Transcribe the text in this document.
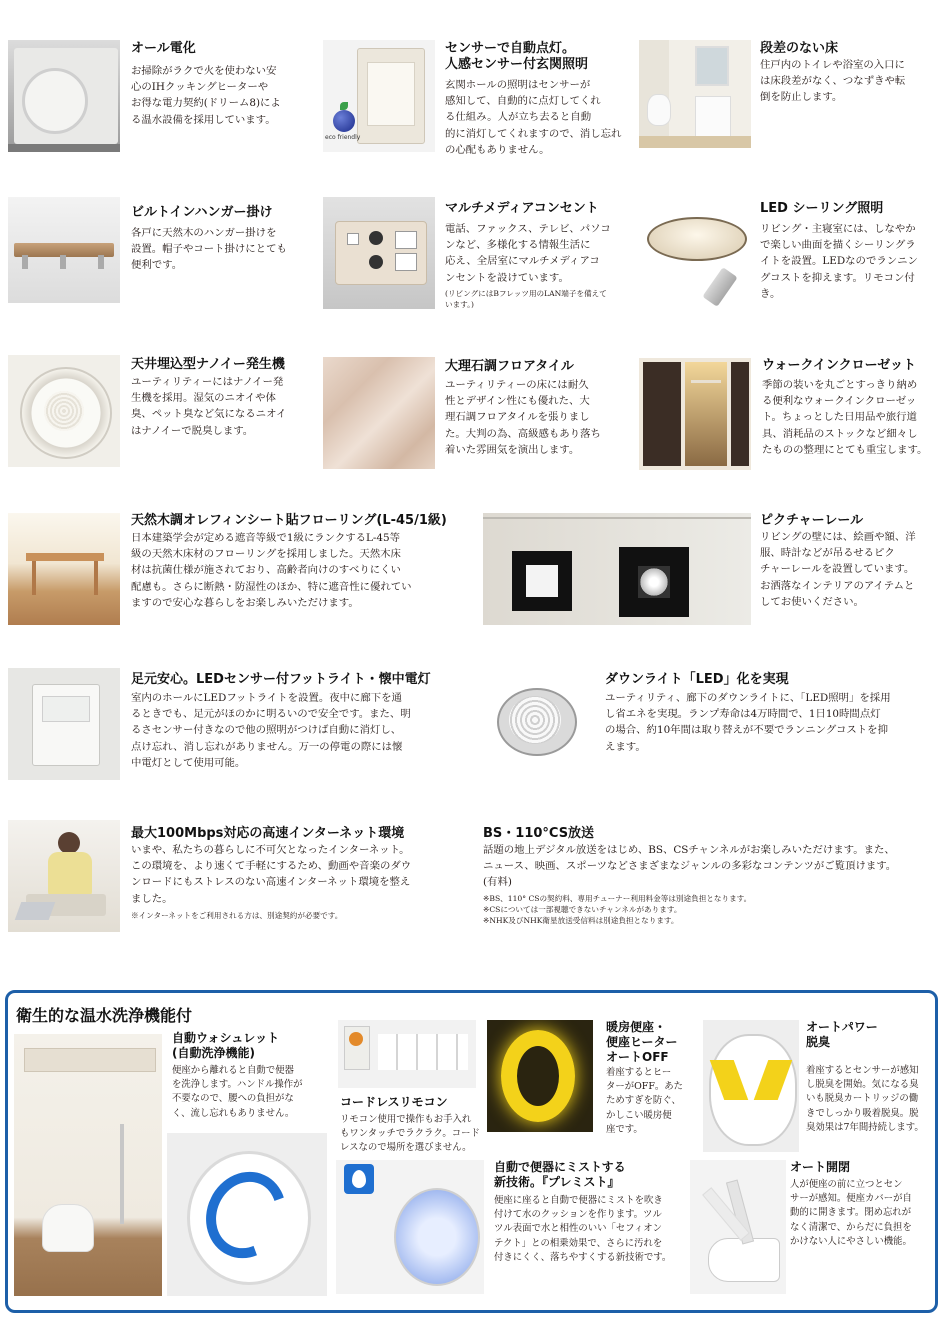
オール電化
お掃除がラクで火を使わない安
心のIHクッキングヒーターや
お得な電力契約(ドリーム8)によ
る温水設備を採用しています。
eco friendly
センサーで自動点灯。
人感センサー付玄関照明
玄関ホールの照明はセンサーが
感知して、自動的に点灯してくれ
る仕組み。人が立ち去ると自動
的に消灯してくれますので、消し忘れ
の心配もありません。
段差のない床
住戸内のトイレや浴室の入口に
は床段差がなく、つなずきや転
倒を防止します。
ビルトインハンガー掛け
各戸に天然木のハンガー掛けを
設置。帽子やコート掛けにとても
便利です。
マルチメディアコンセント
電話、ファックス、テレビ、パソコ
ンなど、多様化する情報生活に
応え、全居室にマルチメディアコ
ンセントを設けています。
(リビングにはBフレッツ用のLAN端子を備えて
います。)
LED シーリング照明
リビング・主寝室には、しなやか
で楽しい曲面を描くシーリングラ
イトを設置。LEDなのでランニン
グコストを抑えます。リモコン付
き。
天井埋込型ナノイー発生機
ユーティリティーにはナノイー発
生機を採用。湿気のニオイや体
臭、ペット臭など気になるニオイ
はナノイーで脱臭します。
大理石調フロアタイル
ユーティリティーの床には耐久
性とデザイン性にも優れた、大
理石調フロアタイルを張りまし
た。大判の為、高級感もあり落ち
着いた雰囲気を演出します。
ウォークインクローゼット
季節の装いを丸ごとすっきり納め
る便利なウォークインクローゼッ
ト。ちょっとした日用品や旅行道
具、消耗品のストックなど細々し
たものの整理にとても重宝します。
天然木調オレフィンシート貼フローリング(L-45/1級)
日本建築学会が定める遮音等級で1級にランクするL-45等
級の天然木床材のフローリングを採用しました。天然木床
材は抗菌仕様が施されており、高齢者向けのすべりにくい
配慮も。さらに断熱・防湿性のほか、特に遮音性に優れてい
ますので安心な暮らしをお楽しみいただけます。
ピクチャーレール
リビングの壁には、絵画や額、洋
服、時計などが吊るせるピク
チャーレールを設置しています。
お洒落なインテリアのアイテムと
してお使いください。
足元安心。LEDセンサー付フットライト・懐中電灯
室内のホールにLEDフットライトを設置。夜中に廊下を通
るときでも、足元がほのかに明るいので安全です。また、明
るさセンサー付きなので他の照明がつけば自動に消灯し、
点け忘れ、消し忘れがありません。万一の停電の際には懐
中電灯として使用可能。
ダウンライト「LED」化を実現
ユーティリティ、廊下のダウンライトに、「LED照明」を採用
し省エネを実現。ランプ寿命は4万時間で、1日10時間点灯
の場合、約10年間は取り替えが不要でランニングコストを抑
えます。
最大100Mbps対応の高速インターネット環境
いまや、私たちの暮らしに不可欠となったインターネット。
この環境を、より速くて手軽にするため、動画や音楽のダウ
ンロードにもストレスのない高速インターネット環境を整え
ました。
※インターネットをご利用される方は、別途契約が必要です。
BS・110°CS放送
話題の地上デジタル放送をはじめ、BS、CSチャンネルがお楽しみいただけます。また、
ニュース、映画、スポーツなどさまざまなジャンルの多彩なコンテンツがご覧頂けます。
(有料)
※BS、110° CSの契約料、専用チューナー利用料金等は別途負担となります。
※CSについては一部視聴できないチャンネルがあります。
※NHK及びNHK衛星放送受信料は別途負担となります。
衛生的な温水洗浄機能付
自動ウォシュレット
(自動洗浄機能)
便座から離れると自動で便器
を洗浄します。ハンドル操作が
不要なので、腰への負担がな
く、流し忘れもありません。
コードレスリモコン
リモコン使用で操作もお手入れ
もワンタッチでラクラク。コード
レスなので場所を選びません。
暖房便座・
便座ヒーター
オートOFF
着座するとヒー
ターがOFF。あた
ためすぎを防ぐ、
かしこい暖房便
座です。
オートパワー
脱臭
着座するとセンサーが感知
し脱臭を開始。気になる臭
いも脱臭カートリッジの働
きでしっかり吸着脱臭。脱
臭効果は7年間持続します。
自動で便器にミストする
新技術。『プレミスト』
便座に座ると自動で便器にミストを吹き
付けて水のクッションを作ります。ツル
ツル表面で水と相性のいい「セフィオン
テクト」との相乗効果で、さらに汚れを
付きにくく、落ちやすくする新技術です。
オート開閉
人が便座の前に立つとセン
サーが感知。便座カバーが自
動的に開きます。閉め忘れが
なく清潔で、からだに負担を
かけない人にやさしい機能。
